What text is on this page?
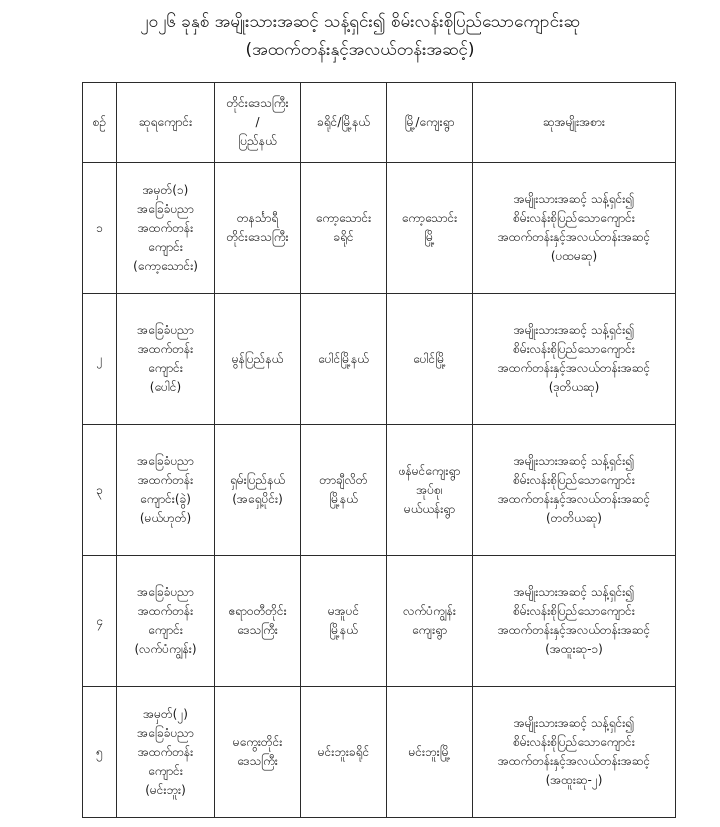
၂၀၂၆ ခုနှစ် အမျိုးသားအဆင့် သန့်ရှင်း၍ စိမ်းလန်းစိုပြည်သောကျောင်းဆု
(အထက်တန်းနှင့်အလယ်တန်းအဆင့်)
စဉ်	ဆုရကျောင်း	တိုင်းဒေသကြီး
/
ပြည်နယ်	ခရိုင်/မြို့နယ်	မြို့/ကျေးရွာ	ဆုအမျိုးအစား
၁	အမှတ်(၁)
အခြေခံပညာ
အထက်တန်း
ကျောင်း
(ကော့သောင်း)	တနင်္သာရီ
တိုင်းဒေသကြီး	ကော့သောင်း
ခရိုင်	ကော့သောင်း
မြို့	အမျိုးသားအဆင့် သန့်ရှင်း၍
စိမ်းလန်းစိုပြည်သောကျောင်း
အထက်တန်းနှင့်အလယ်တန်းအဆင့်
(ပထမဆု)

၂	အခြေခံပညာ
အထက်တန်း
ကျောင်း
(ပေါင်)	မွန်ပြည်နယ်	ပေါင်မြို့နယ်	ပေါင်မြို့	အမျိုးသားအဆင့် သန့်ရှင်း၍
စိမ်းလန်းစိုပြည်သောကျောင်း
အထက်တန်းနှင့်အလယ်တန်းအဆင့်
(ဒုတိယဆု)

၃	အခြေခံပညာ
အထက်တန်း
ကျောင်း(ခွဲ)
(မယ်ဟုတ်)	ရှမ်းပြည်နယ်
(အရှေ့ပိုင်း)	တာချီလိတ်
မြို့နယ်	ဖန်မင်ကျေးရွာ
အုပ်စု၊
မယ်ယန်းရွာ	အမျိုးသားအဆင့် သန့်ရှင်း၍
စိမ်းလန်းစိုပြည်သောကျောင်း
အထက်တန်းနှင့်အလယ်တန်းအဆင့်
(တတိယဆု)

၄	အခြေခံပညာ
အထက်တန်း
ကျောင်း
(လက်ပံကျွန်း)	ဧရာဝတီတိုင်း
ဒေသကြီး	မအူပင်
မြို့နယ်	လက်ပံကျွန်း
ကျေးရွာ	အမျိုးသားအဆင့် သန့်ရှင်း၍
စိမ်းလန်းစိုပြည်သောကျောင်း
အထက်တန်းနှင့်အလယ်တန်းအဆင့်
(အထူးဆု-၁)

၅	အမှတ်(၂)
အခြေခံပညာ
အထက်တန်း
ကျောင်း
(မင်းဘူး)	မကွေးတိုင်း
ဒေသကြီး	မင်းဘူးခရိုင်	မင်းဘူးမြို့	အမျိုးသားအဆင့် သန့်ရှင်း၍
စိမ်းလန်းစိုပြည်သောကျောင်း
အထက်တန်းနှင့်အလယ်တန်းအဆင့်
(အထူးဆု-၂)
